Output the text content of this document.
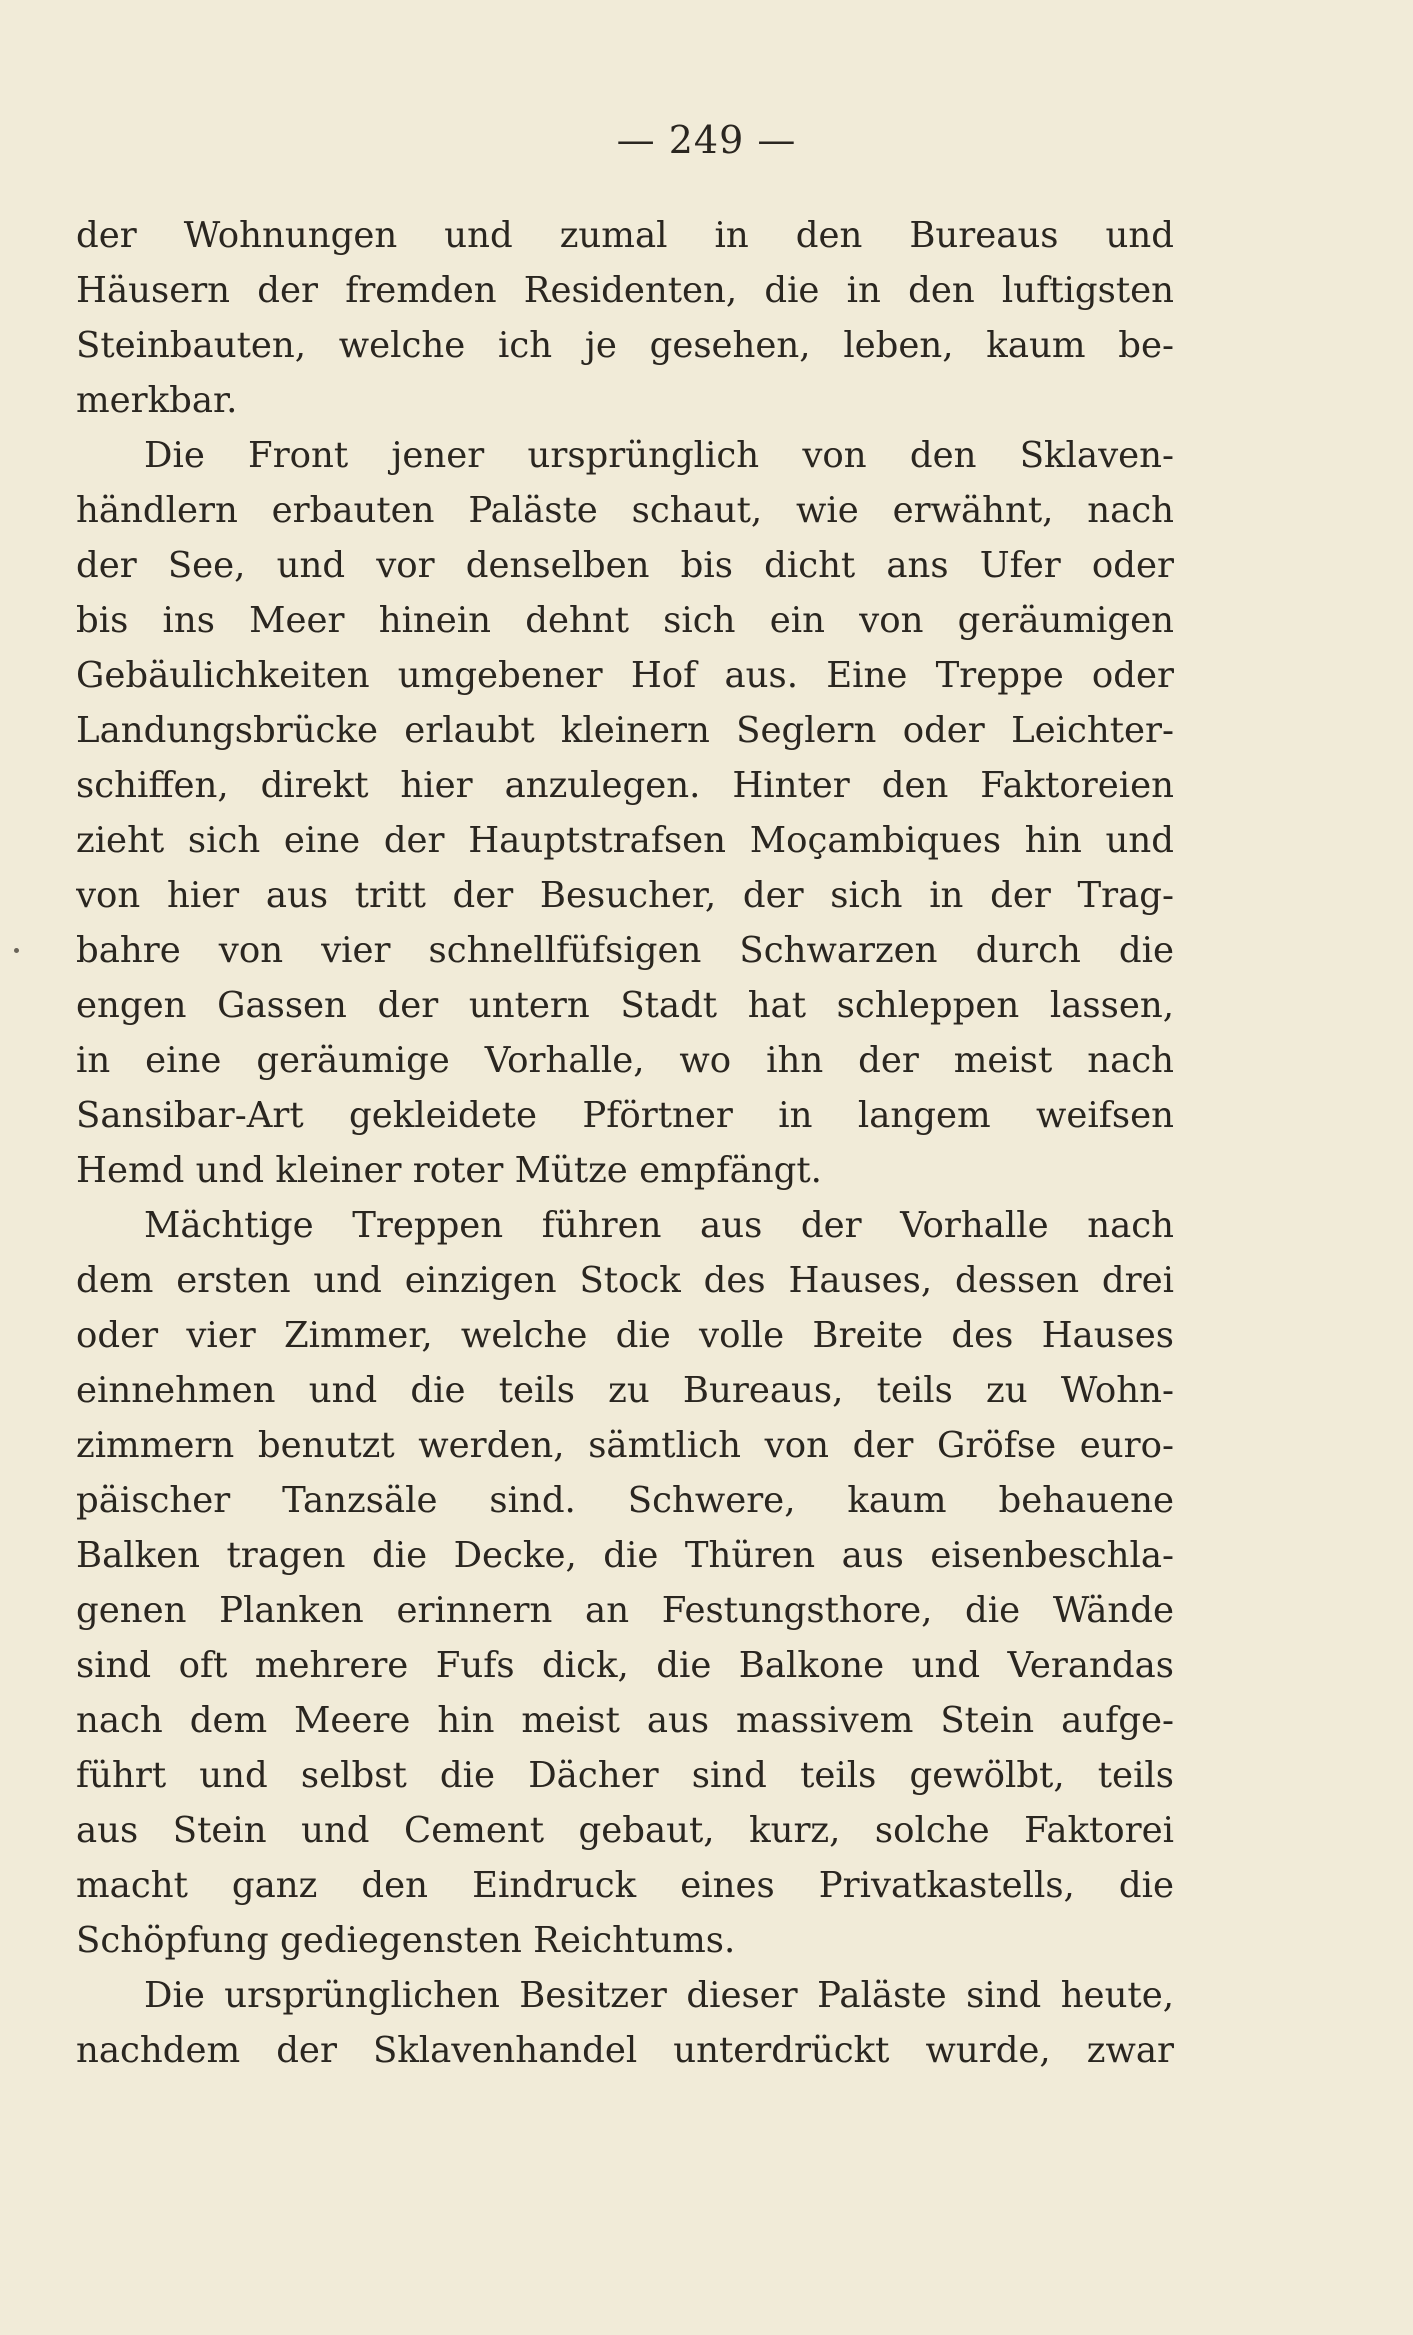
— 249 —
der Wohnungen und zumal in den Bureaus und
Häusern der fremden Residenten, die in den luftigsten
Steinbauten, welche ich je gesehen, leben, kaum be-
merkbar.
Die Front jener ursprünglich von den Sklaven-
händlern erbauten Paläste schaut, wie erwähnt, nach
der See, und vor denselben bis dicht ans Ufer oder
bis ins Meer hinein dehnt sich ein von geräumigen
Gebäulichkeiten umgebener Hof aus. Eine Treppe oder
Landungsbrücke erlaubt kleinern Seglern oder Leichter-
schiffen, direkt hier anzulegen. Hinter den Faktoreien
zieht sich eine der Hauptstrafsen Moçambiques hin und
von hier aus tritt der Besucher, der sich in der Trag-
bahre von vier schnellfüfsigen Schwarzen durch die
engen Gassen der untern Stadt hat schleppen lassen,
in eine geräumige Vorhalle, wo ihn der meist nach
Sansibar-Art gekleidete Pförtner in langem weifsen
Hemd und kleiner roter Mütze empfängt.
Mächtige Treppen führen aus der Vorhalle nach
dem ersten und einzigen Stock des Hauses, dessen drei
oder vier Zimmer, welche die volle Breite des Hauses
einnehmen und die teils zu Bureaus, teils zu Wohn-
zimmern benutzt werden, sämtlich von der Gröfse euro-
päischer Tanzsäle sind. Schwere, kaum behauene
Balken tragen die Decke, die Thüren aus eisenbeschla-
genen Planken erinnern an Festungsthore, die Wände
sind oft mehrere Fufs dick, die Balkone und Verandas
nach dem Meere hin meist aus massivem Stein aufge-
führt und selbst die Dächer sind teils gewölbt, teils
aus Stein und Cement gebaut, kurz, solche Faktorei
macht ganz den Eindruck eines Privatkastells, die
Schöpfung gediegensten Reichtums.
Die ursprünglichen Besitzer dieser Paläste sind heute,
nachdem der Sklavenhandel unterdrückt wurde, zwar
